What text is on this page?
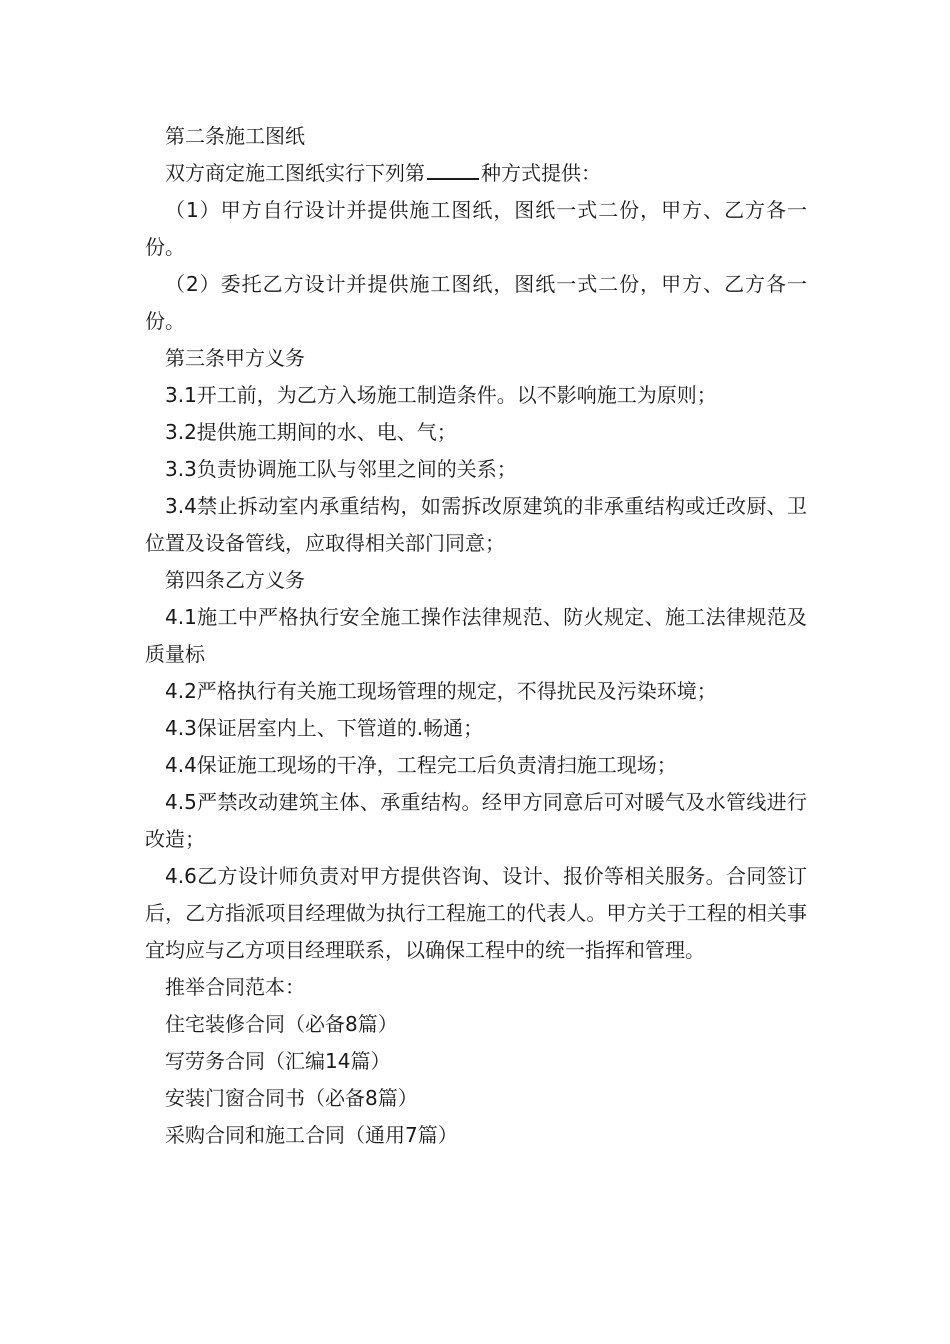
第二条施工图纸

双方商定施工图纸实行下列第	种方式提供：

（1）甲方自行设计并提供施工图纸，图纸一式二份，甲方、乙方各一份。

（2）委托乙方设计并提供施工图纸，图纸一式二份，甲方、乙方各一份。

第三条甲方义务

3.1开工前，为乙方入场施工制造条件。以不影响施工为原则；

3.2提供施工期间的水、电、气；

3.3负责协调施工队与邻里之间的关系；

3.4禁止拆动室内承重结构，如需拆改原建筑的非承重结构或迁改厨、卫位置及设备管线，应取得相关部门同意；

第四条乙方义务

4.1施工中严格执行安全施工操作法律规范、防火规定、施工法律规范及质量标

4.2严格执行有关施工现场管理的规定，不得扰民及污染环境；

4.3保证居室内上、下管道的.畅通；

4.4保证施工现场的干净，工程完工后负责清扫施工现场；

4.5严禁改动建筑主体、承重结构。经甲方同意后可对暖气及水管线进行改造；

4.6乙方设计师负责对甲方提供咨询、设计、报价等相关服务。合同签订后，乙方指派项目经理做为执行工程施工的代表人。甲方关于工程的相关事宜均应与乙方项目经理联系，以确保工程中的统一指挥和管理。

推举合同范本：

住宅装修合同（必备8篇）

写劳务合同（汇编14篇）

安装门窗合同书（必备8篇）

采购合同和施工合同（通用7篇）
